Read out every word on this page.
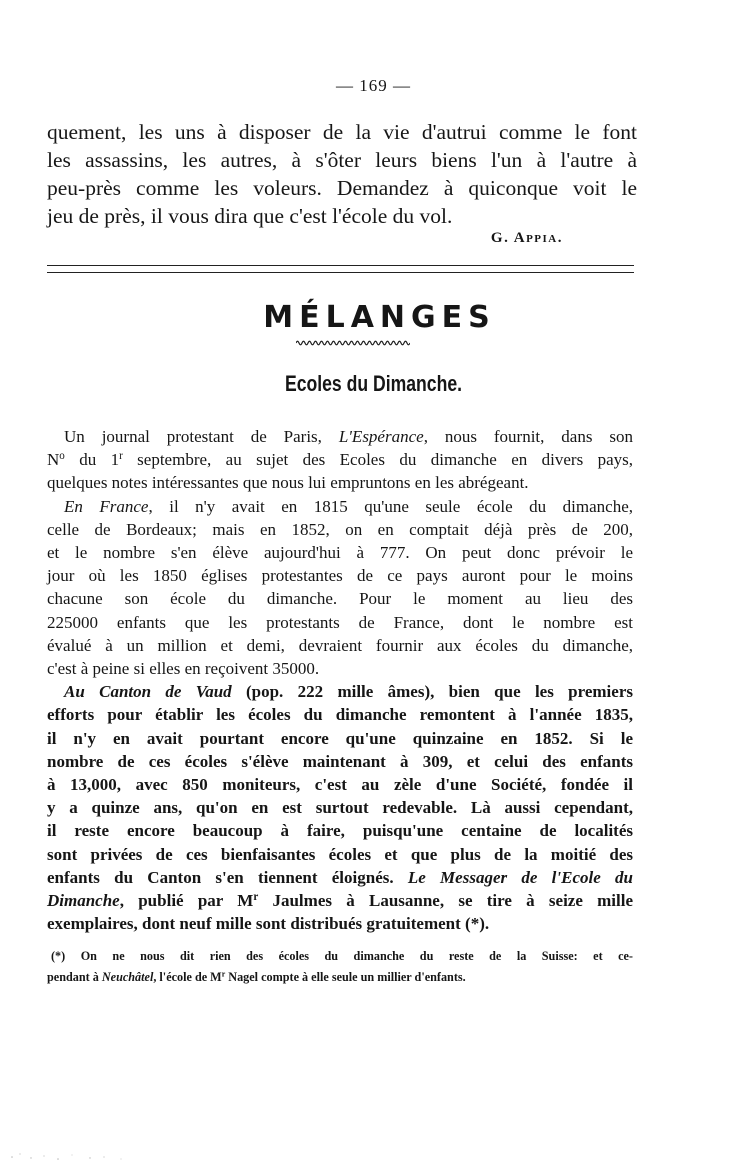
— 169 —
quement, les uns à disposer de la vie d'autrui comme le font
les assassins, les autres, à s'ôter leurs biens l'un à l'autre à
peu-près comme les voleurs. Demandez à quiconque voit le
jeu de près, il vous dira que c'est l'école du vol.
G. Appia.
MÉLANGES
Ecoles du Dimanche.
Un journal protestant de Paris, L'Espérance, nous fournit, dans son
$N^o$ du 1$^r$ septembre, au sujet des Ecoles du dimanche en divers pays,
quelques notes intéressantes que nous lui empruntons en les abrégeant.
En France, il n'y avait en 1815 qu'une seule école du dimanche,
celle de Bordeaux; mais en 1852, on en comptait déjà près de 200,
et le nombre s'en élève aujourd'hui à 777. On peut donc prévoir le
jour où les 1850 églises protestantes de ce pays auront pour le moins
chacune son école du dimanche. Pour le moment au lieu des
225000 enfants que les protestants de France, dont le nombre est
évalué à un million et demi, devraient fournir aux écoles du dimanche,
c'est à peine si elles en reçoivent 35000.
Au Canton de Vaud (pop. 222 mille âmes), bien que les premiers
efforts pour établir les écoles du dimanche remontent à l'année 1835,
il n'y en avait pourtant encore qu'une quinzaine en 1852. Si le
nombre de ces écoles s'élève maintenant à 309, et celui des enfants
à 13,000, avec 850 moniteurs, c'est au zèle d'une Société, fondée il
y a quinze ans, qu'on en est surtout redevable. Là aussi cependant,
il reste encore beaucoup à faire, puisqu'une centaine de localités
sont privées de ces bienfaisantes écoles et que plus de la moitié des
enfants du Canton s'en tiennent éloignés. Le Messager de l'Ecole du
Dimanche, publié par $M^r$ Jaulmes à Lausanne, se tire à seize mille
exemplaires, dont neuf mille sont distribués gratuitement (*).
(*) On ne nous dit rien des écoles du dimanche du reste de la Suisse: et ce-
pendant à Neuchâtel, l'école de $M^r$ Nagel compte à elle seule un millier d'enfants.
